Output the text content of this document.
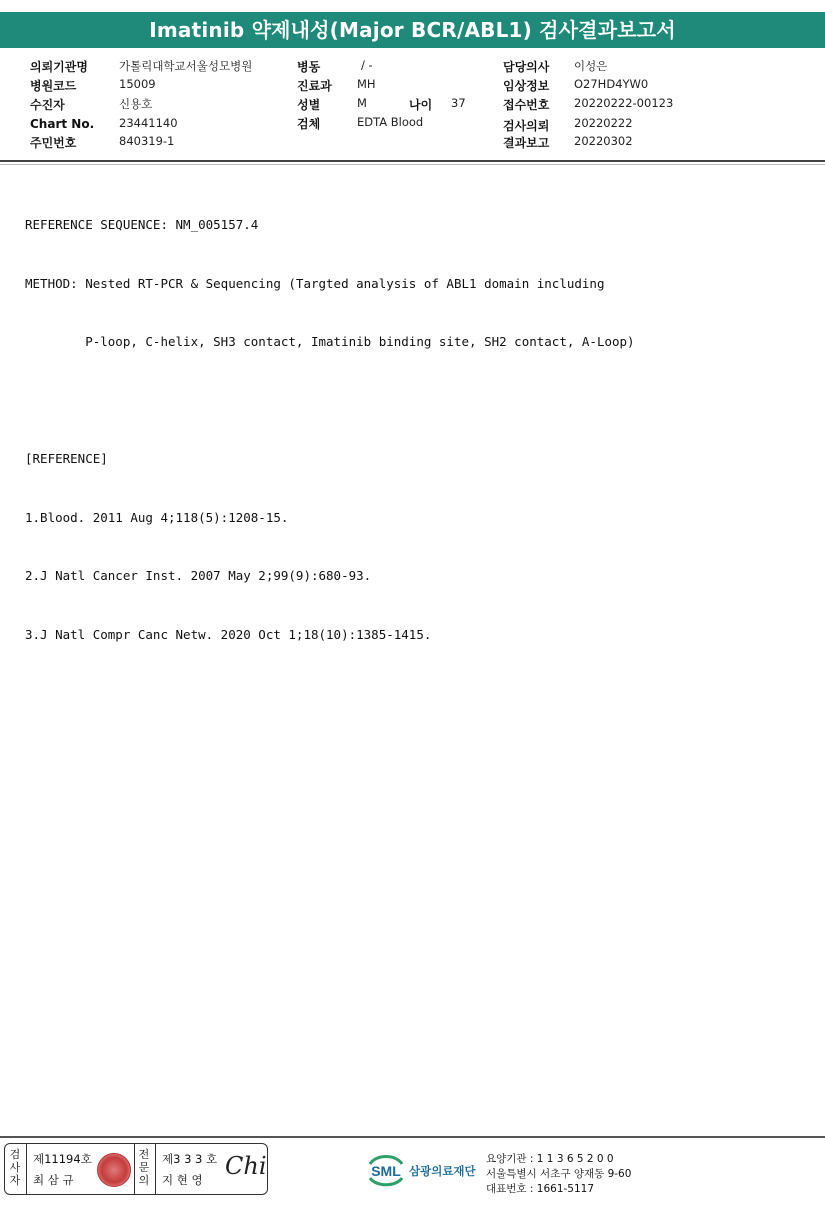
Imatinib 약제내성(Major BCR/ABL1) 검사결과보고서
의뢰기관명	가톨릭대학교서울성모병원
병원코드	15009
수진자	신용호
Chart No. 23441140
주민번호	840319-1
병동	/ -
진료과 MH
성별	M	나이 37
검체	EDTA Blood
담당의사 이성은
임상정보 O27HD4YW0
접수번호 20220222-00123
검사의뢰 20220222
결과보고 20220302

REFERENCE SEQUENCE: NM_005157.4

METHOD: Nested RT-PCR & Sequencing (Targted analysis of ABL1 domain including

P-loop, C-helix, SH3 contact, Imatinib binding site, SH2 contact, A-Loop)

[REFERENCE]

1.Blood. 2011 Aug 4;118(5):1208-15.

2.J Natl Cancer Inst. 2007 May 2;99(9):680-93.

3.J Natl Compr Canc Netw. 2020 Oct 1;18(10):1385-1415.

검사자
제11194호
최 삼 규
전문의
제3 3 3 호
지 현 영 Chi	SML 삼광의료재단
요양기관 : 1 1 3 6 5 2 0 0
서울특별시 서초구 양재동 9-60
대표번호 : 1661-5117
